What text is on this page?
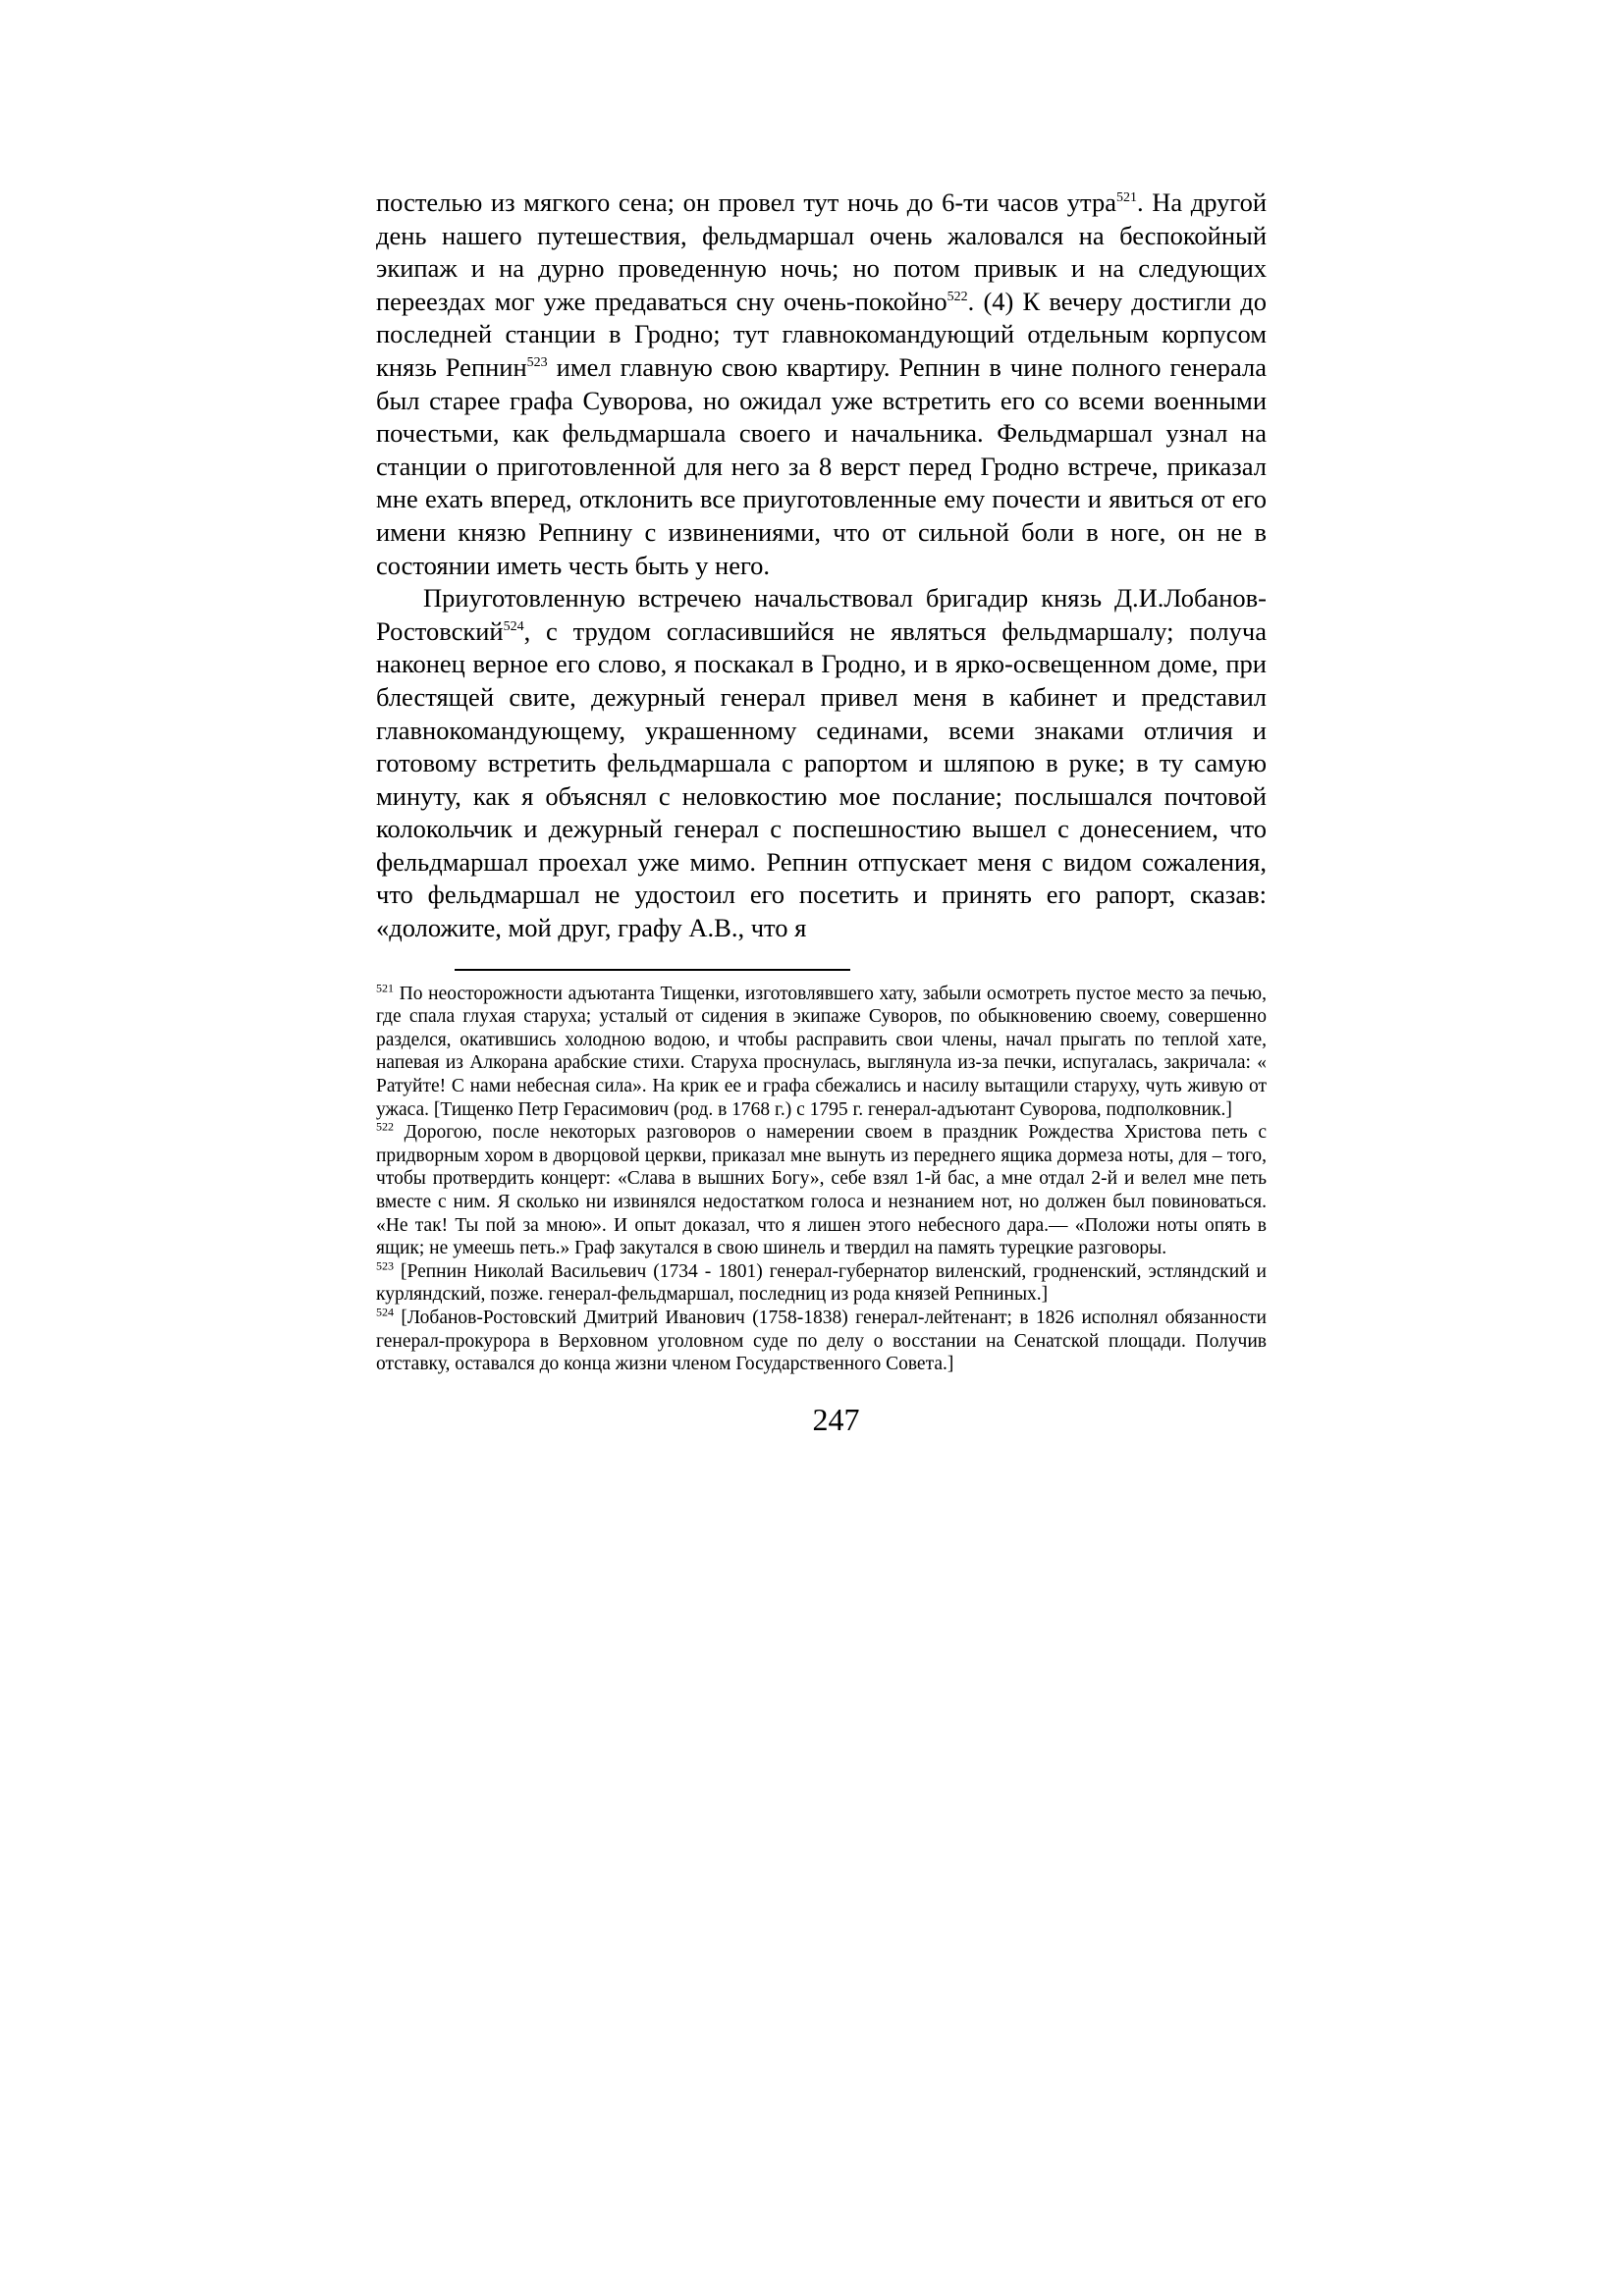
постелью из мягкого сена; он провел тут ночь до 6-ти часов утра$^{521}$. На другой день нашего путешествия, фельдмаршал очень жаловался на беспокойный экипаж и на дурно проведенную ночь; но потом привык и на следующих переездах мог уже предаваться сну очень-покойно$^{522}$. (4) К вечеру достигли до последней станции в Гродно; тут главнокомандующий отдельным корпусом князь Репнин$^{523}$ имел главную свою квартиру. Репнин в чине полного генерала был старее графа Суворова, но ожидал уже встретить его со всеми военными почестьми, как фельдмаршала своего и начальника. Фельдмаршал узнал на станции о приготовленной для него за 8 верст перед Гродно встрече, приказал мне ехать вперед, отклонить все приуготовленные ему почести и явиться от его имени князю Репнину с извинениями, что от сильной боли в ноге, он не в состоянии иметь честь быть у него.

Приуготовленную встречею начальствовал бригадир князь Д.И.Лобанов-Ростовский$^{524}$, с трудом согласившийся не являться фельдмаршалу; получа наконец верное его слово, я поскакал в Гродно, и в ярко-освещенном доме, при блестящей свите, дежурный генерал привел меня в кабинет и представил главнокомандующему, украшенному сединами, всеми знаками отличия и готовому встретить фельдмаршала с рапортом и шляпою в руке; в ту самую минуту, как я объяснял с неловкостию мое послание; послышался почтовой колокольчик и дежурный генерал с поспешностию вышел с донесением, что фельдмаршал проехал уже мимо. Репнин отпускает меня с видом сожаления, что фельдмаршал не удостоил его посетить и принять его рапорт, сказав: «доложите, мой друг, графу А.В., что я

$^{521}$ По неосторожности адъютанта Тищенки, изготовлявшего хату, забыли осмотреть пустое место за печью, где спала глухая старуха; усталый от сидения в экипаже Суворов, по обыкновению своему, совершенно разделся, окатившись холодною водою, и чтобы расправить свои члены, начал прыгать по теплой хате, напевая из Алкорана арабские стихи. Старуха проснулась, выглянула из-за печки, испугалась, закричала: « Ратуйте! С нами небесная сила». На крик ее и графа сбежались и насилу вытащили старуху, чуть живую от ужаса. [Тищенко Петр Герасимович (род. в 1768 г.) с 1795 г. генерал-адъютант Суворова, подполковник.]

$^{522}$ Дорогою, после некоторых разговоров о намерении своем в праздник Рождества Христова петь с придворным хором в дворцовой церкви, приказал мне вынуть из переднего ящика дормеза ноты, для – того, чтобы протвердить концерт: «Слава в вышних Богу», себе взял 1-й бас, а мне отдал 2-й и велел мне петь вместе с ним. Я сколько ни извинялся недостатком голоса и незнанием нот, но должен был повиноваться. «Не так! Ты пой за мною». И опыт доказал, что я лишен этого небесного дара.— «Положи ноты опять в ящик; не умеешь петь.» Граф закутался в свою шинель и твердил на память турецкие разговоры.

$^{523}$ [Репнин Николай Васильевич (1734 - 1801) генерал-губернатор виленский, гродненский, эстляндский и курляндский, позже. генерал-фельдмаршал, последниц из рода князей Репниных.]

$^{524}$ [Лобанов-Ростовский Дмитрий Иванович (1758-1838) генерал-лейтенант; в 1826 исполнял обязанности генерал-прокурора в Верховном уголовном суде по делу о восстании на Сенатской площади. Получив отставку, оставался до конца жизни членом Государственного Совета.]

247
